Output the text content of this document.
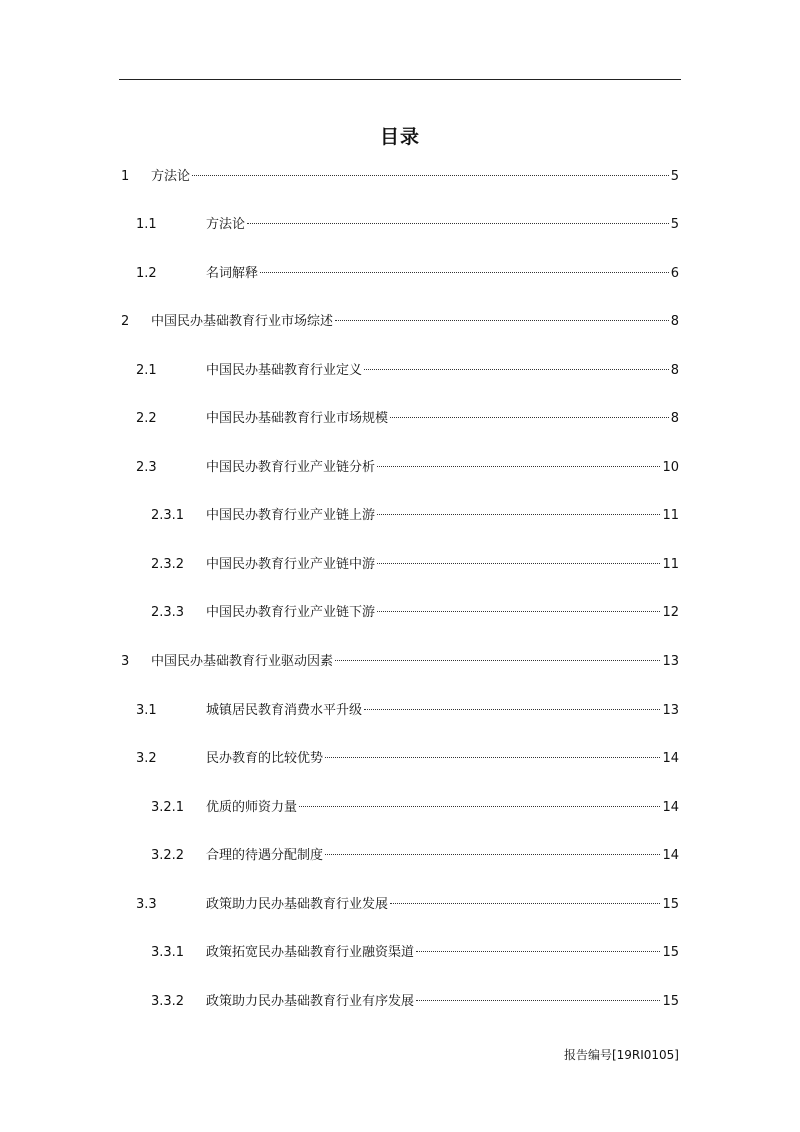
目录
1 方法论	5
1.1	方法论	5
1.2	名词解释	6
2 中国民办基础教育行业市场综述	8
2.1	中国民办基础教育行业定义	8
2.2	中国民办基础教育行业市场规模	8
2.3	中国民办教育行业产业链分析	10
2.3.1 中国民办教育行业产业链上游	11
2.3.2 中国民办教育行业产业链中游	11
2.3.3 中国民办教育行业产业链下游	12
3 中国民办基础教育行业驱动因素	13
3.1	城镇居民教育消费水平升级	13
3.2	民办教育的比较优势	14
3.2.1 优质的师资力量	14
3.2.2 合理的待遇分配制度	14
3.3	政策助力民办基础教育行业发展	15
3.3.1 政策拓宽民办基础教育行业融资渠道	15
3.3.2 政策助力民办基础教育行业有序发展	15
报告编号[19RI0105]
